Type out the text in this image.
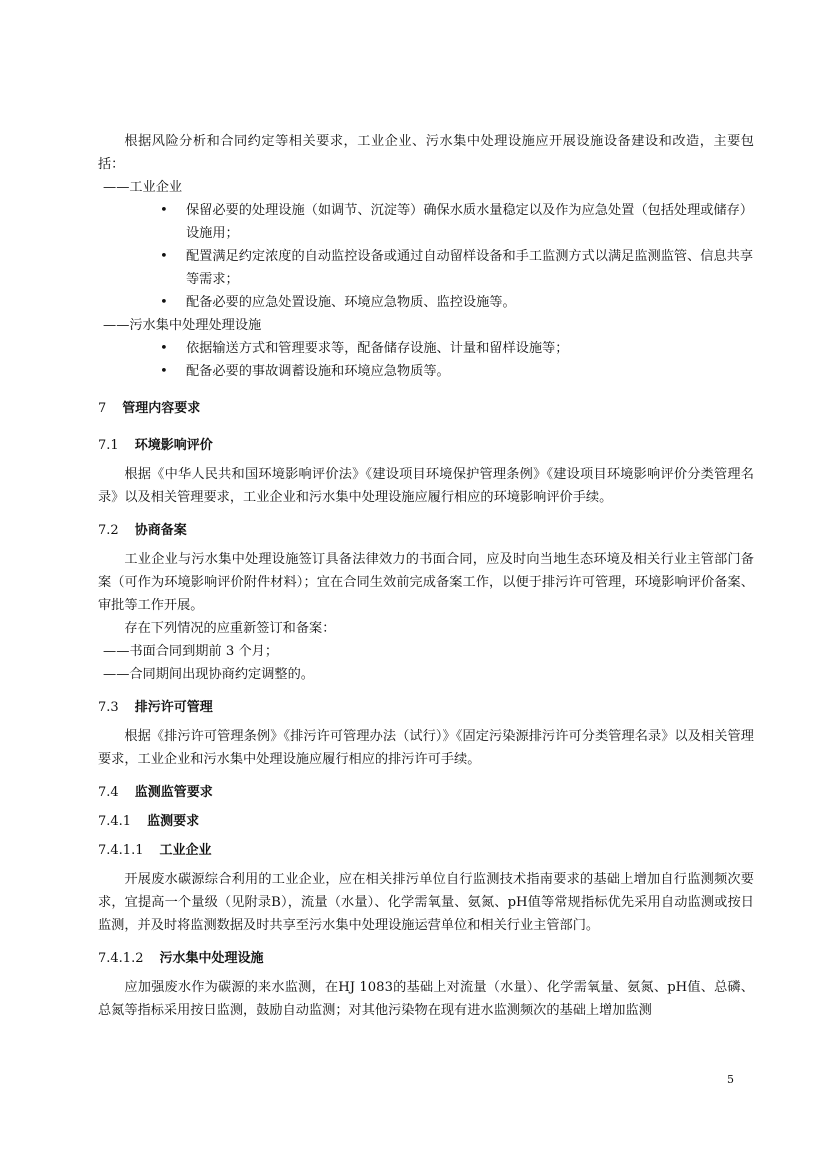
根据风险分析和合同约定等相关要求，工业企业、污水集中处理设施应开展设施设备建设和改造，主要包括：

——工业企业

• 保留必要的处理设施（如调节、沉淀等）确保水质水量稳定以及作为应急处置（包括处理或储存）设施用；

• 配置满足约定浓度的自动监控设备或通过自动留样设备和手工监测方式以满足监测监管、信息共享等需求；

• 配备必要的应急处置设施、环境应急物质、监控设施等。

——污水集中处理处理设施

• 依据输送方式和管理要求等，配备储存设施、计量和留样设施等；

• 配备必要的事故调蓄设施和环境应急物质等。

7 管理内容要求

7.1 环境影响评价

根据《中华人民共和国环境影响评价法》《建设项目环境保护管理条例》《建设项目环境影响评价分类管理名录》以及相关管理要求，工业企业和污水集中处理设施应履行相应的环境影响评价手续。

7.2 协商备案

工业企业与污水集中处理设施签订具备法律效力的书面合同，应及时向当地生态环境及相关行业主管部门备案（可作为环境影响评价附件材料）；宜在合同生效前完成备案工作，以便于排污许可管理，环境影响评价备案、审批等工作开展。

存在下列情况的应重新签订和备案：

——书面合同到期前 3 个月；

——合同期间出现协商约定调整的。

7.3 排污许可管理

根据《排污许可管理条例》《排污许可管理办法（试行）》《固定污染源排污许可分类管理名录》以及相关管理要求，工业企业和污水集中处理设施应履行相应的排污许可手续。

7.4 监测监管要求

7.4.1 监测要求

7.4.1.1 工业企业

开展废水碳源综合利用的工业企业，应在相关排污单位自行监测技术指南要求的基础上增加自行监测频次要求，宜提高一个量级（见附录B），流量（水量）、化学需氧量、氨氮、pH值等常规指标优先采用自动监测或按日监测，并及时将监测数据及时共享至污水集中处理设施运营单位和相关行业主管部门。

7.4.1.2 污水集中处理设施

应加强废水作为碳源的来水监测，在HJ 1083的基础上对流量（水量）、化学需氧量、氨氮、pH值、总磷、总氮等指标采用按日监测，鼓励自动监测；对其他污染物在现有进水监测频次的基础上增加监测

5
